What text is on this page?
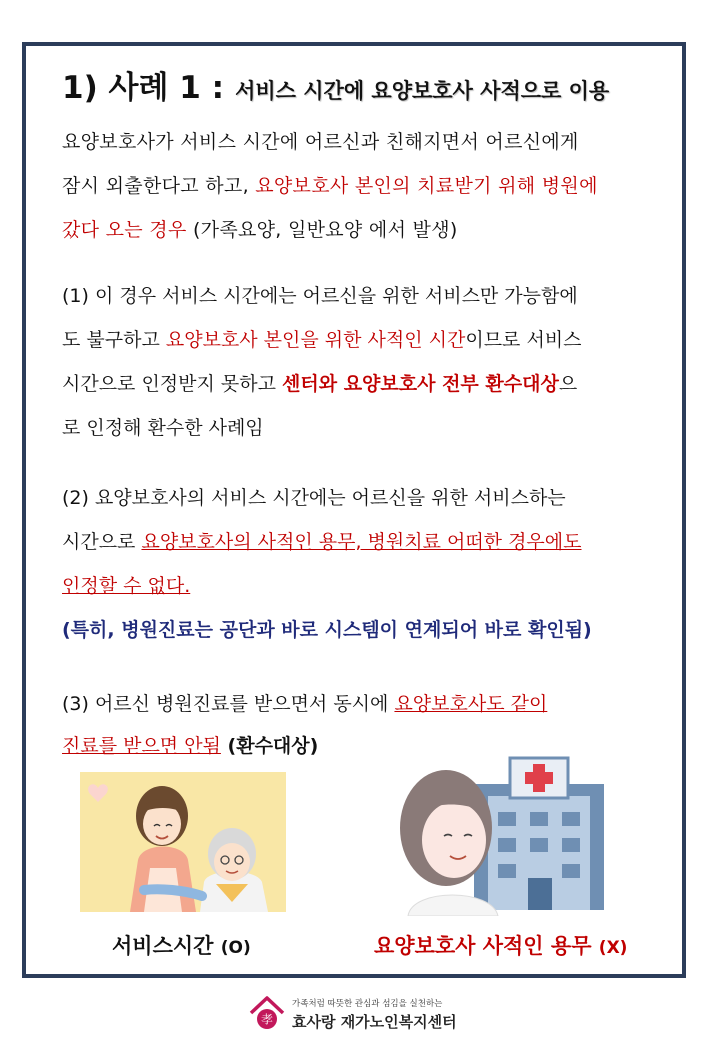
1) 사례 1 : 서비스 시간에 요양보호사 사적으로 이용
요양보호사가 서비스 시간에 어르신과 친해지면서 어르신에게
잠시 외출한다고 하고, 요양보호사 본인의 치료받기 위해 병원에
갔다 오는 경우 (가족요양, 일반요양 에서 발생)
(1) 이 경우 서비스 시간에는 어르신을 위한 서비스만 가능함에
도 불구하고 요양보호사 본인을 위한 사적인 시간이므로 서비스
시간으로 인정받지 못하고 센터와 요양보호사 전부 환수대상으
로 인정해 환수한 사례임
(2) 요양보호사의 서비스 시간에는 어르신을 위한 서비스하는
시간으로 요양보호사의 사적인 용무, 병원치료 어떠한 경우에도
인정할 수 없다.
(특히, 병원진료는 공단과 바로 시스템이 연계되어 바로 확인됨)
(3) 어르신 병원진료를 받으면서 동시에 요양보호사도 같이
진료를 받으면 안됨 (환수대상)
서비스시간 (O)	요양보호사 사적인 용무 (X)
孝
가족처럼 따뜻한 관심과 섬김을 실천하는
효사랑 재가노인복지센터
